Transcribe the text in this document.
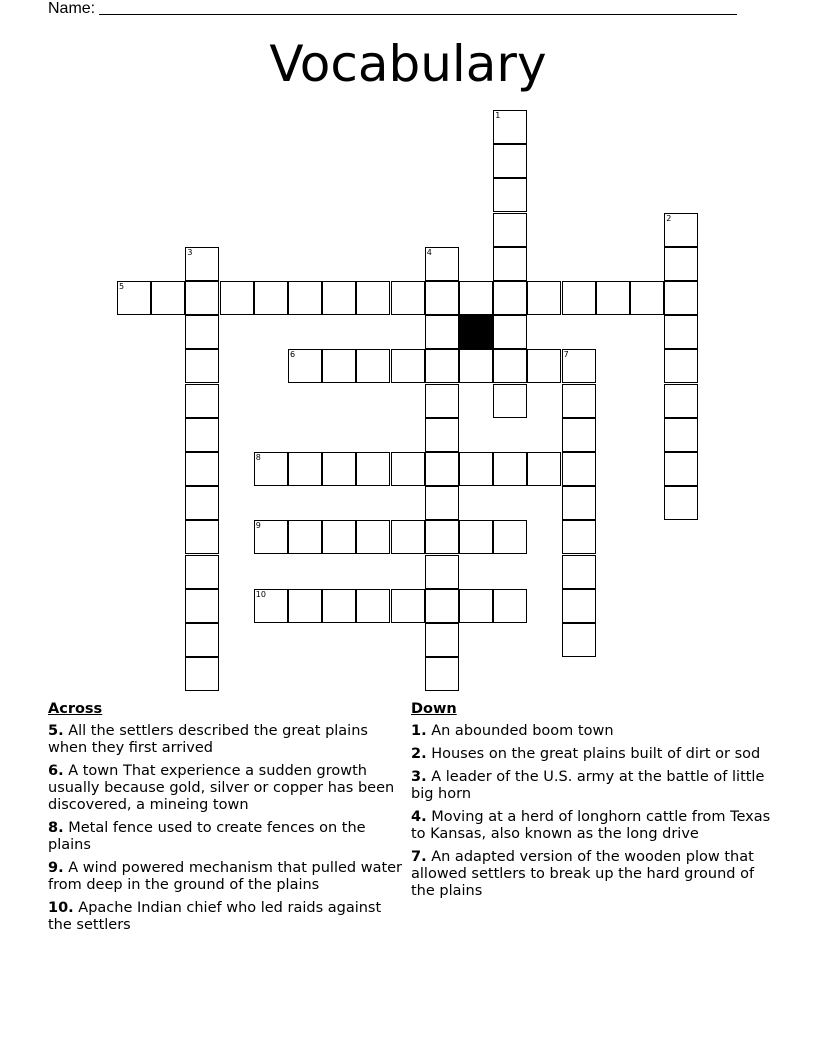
Name:
Vocabulary
1
2
3	4
5
6	7
8
9
10
Across
5. All the settlers described the great plains when they first arrived
6. A town That experience a sudden growth usually because gold, silver or copper has been discovered, a mineing town
8. Metal fence used to create fences on the plains
9. A wind powered mechanism that pulled water from deep in the ground of the plains
10. Apache Indian chief who led raids against the settlers
Down
1. An abounded boom town
2. Houses on the great plains built of dirt or sod
3. A leader of the U.S. army at the battle of little big horn
4. Moving at a herd of longhorn cattle from Texas to Kansas, also known as the long drive
7. An adapted version of the wooden plow that allowed settlers to break up the hard ground of the plains
